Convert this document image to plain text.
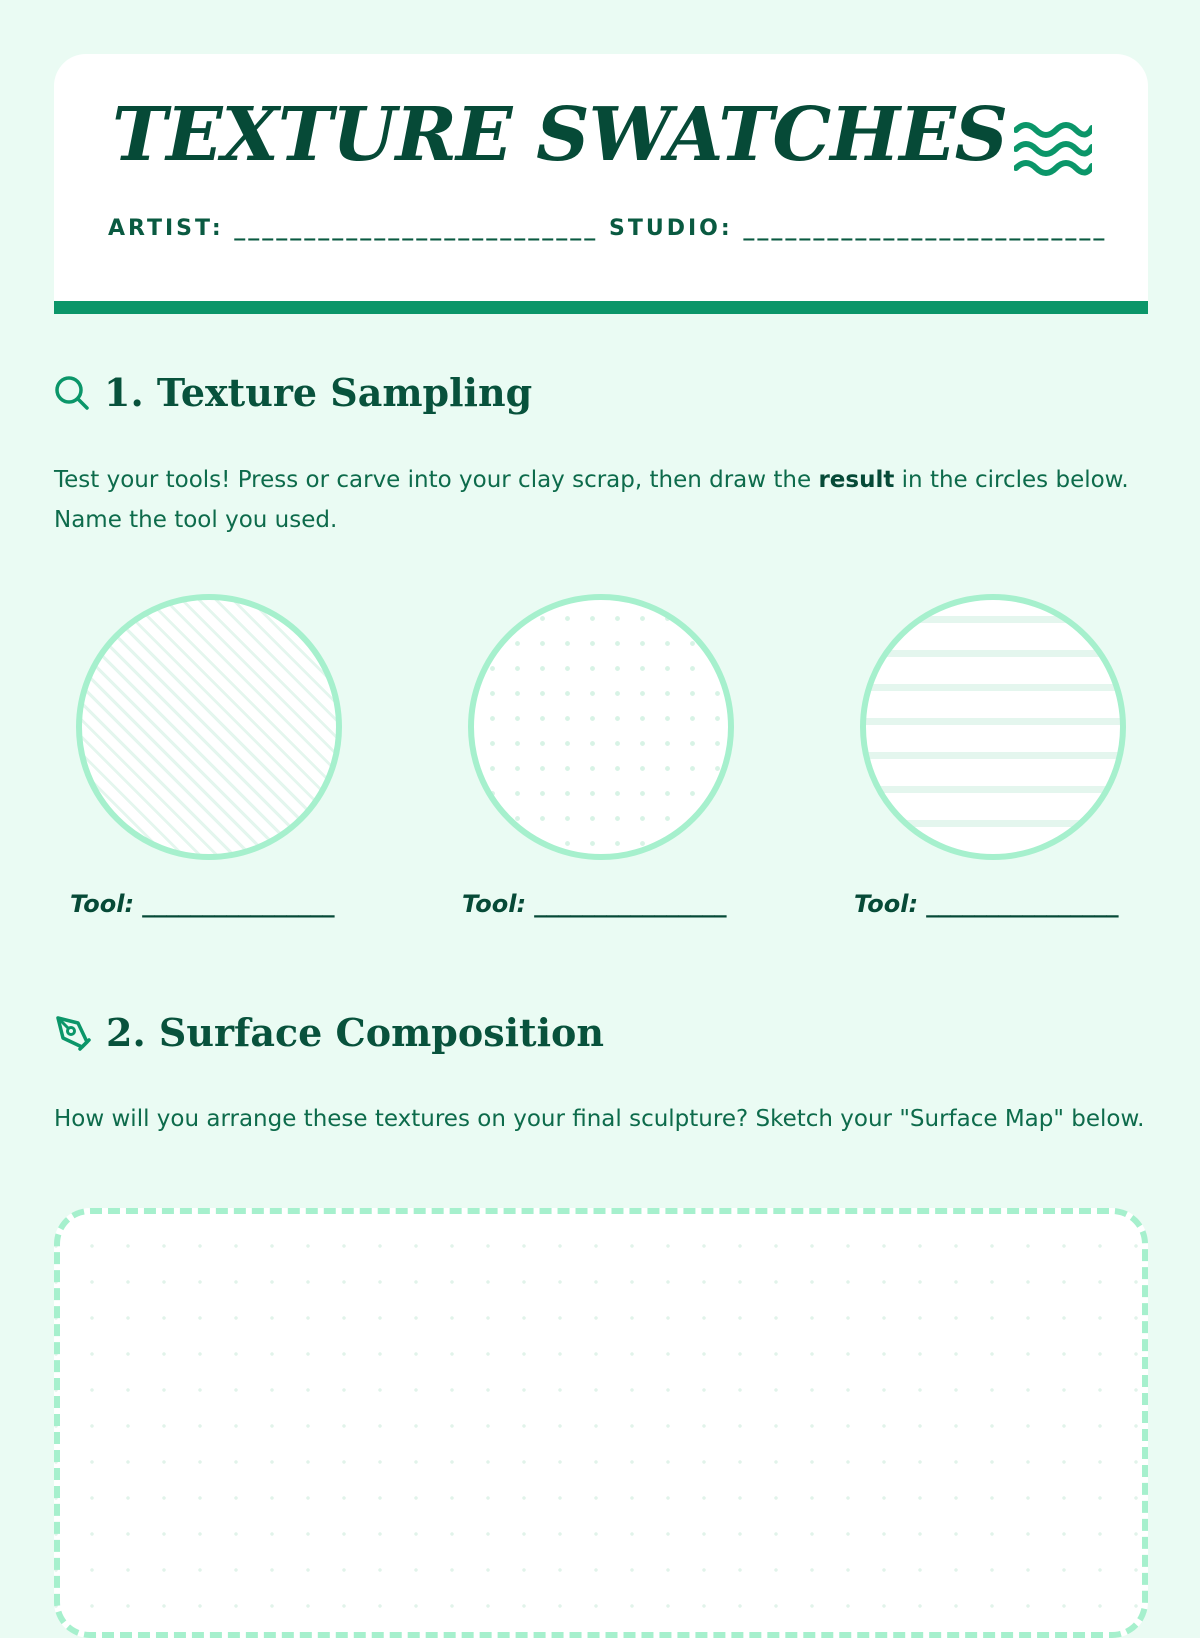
TEXTURE SWATCHES
ARTIST: __________________________ STUDIO: __________________________
1. Texture Sampling

Test your tools! Press or carve into your clay scrap, then draw the result in the circles below. Name the tool you used.

Tool: ________________	Tool: ________________	Tool: ________________
2. Surface Composition

How will you arrange these textures on your final sculpture? Sketch your "Surface Map" below.
